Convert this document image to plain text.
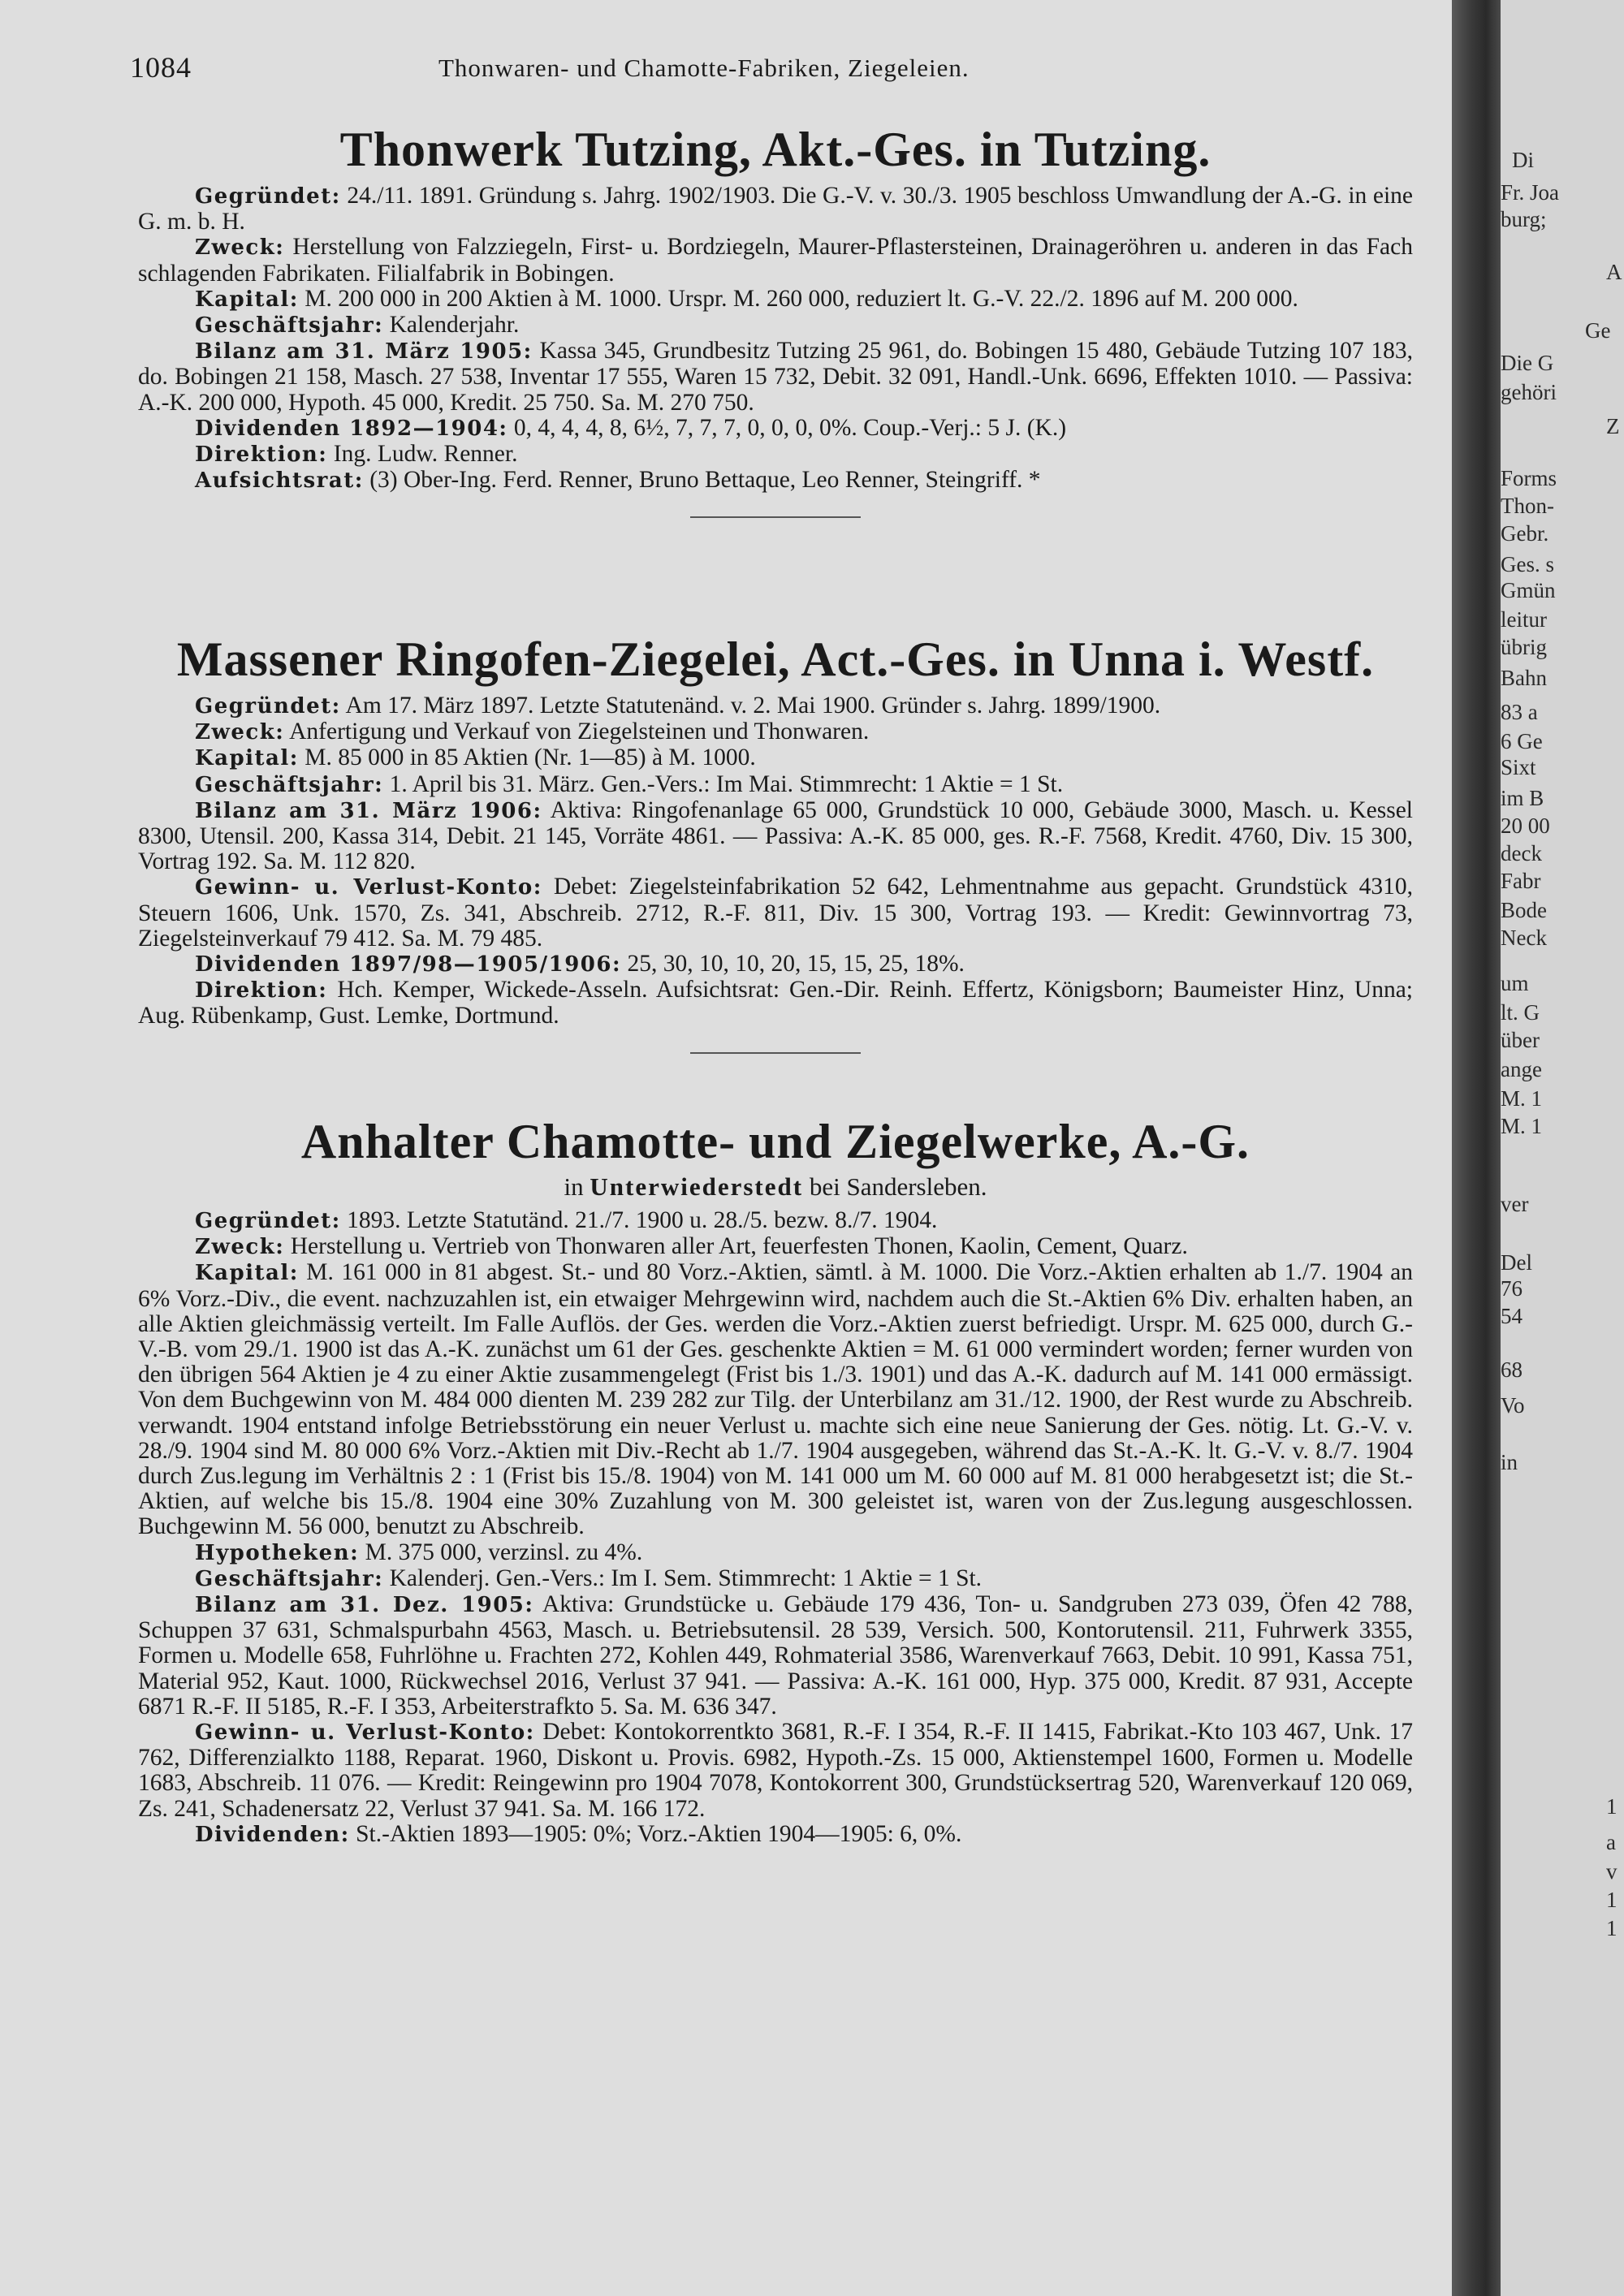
1084	Thonwaren- und Chamotte-Fabriken, Ziegeleien.
Thonwerk Tutzing, Akt.-Ges. in Tutzing.

Gegründet: 24./11. 1891. Gründung s. Jahrg. 1902/1903. Die G.-V. v. 30./3. 1905 beschloss Umwandlung der A.-G. in eine G. m. b. H.

Zweck: Herstellung von Falzziegeln, First- u. Bordziegeln, Maurer-Pflastersteinen, Drainageröhren u. anderen in das Fach schlagenden Fabrikaten. Filialfabrik in Bobingen.

Kapital: M. 200 000 in 200 Aktien à M. 1000. Urspr. M. 260 000, reduziert lt. G.-V. 22./2. 1896 auf M. 200 000.

Geschäftsjahr: Kalenderjahr.

Bilanz am 31. März 1905: Kassa 345, Grundbesitz Tutzing 25 961, do. Bobingen 15 480, Gebäude Tutzing 107 183, do. Bobingen 21 158, Masch. 27 538, Inventar 17 555, Waren 15 732, Debit. 32 091, Handl.-Unk. 6696, Effekten 1010. — Passiva: A.-K. 200 000, Hypoth. 45 000, Kredit. 25 750. Sa. M. 270 750.

Dividenden 1892—1904: 0, 4, 4, 4, 8, 6½, 7, 7, 7, 0, 0, 0, 0%. Coup.-Verj.: 5 J. (K.)

Direktion: Ing. Ludw. Renner.

Aufsichtsrat: (3) Ober-Ing. Ferd. Renner, Bruno Bettaque, Leo Renner, Steingriff. *

Massener Ringofen-Ziegelei, Act.-Ges. in Unna i. Westf.

Gegründet: Am 17. März 1897. Letzte Statutenänd. v. 2. Mai 1900. Gründer s. Jahrg. 1899/1900.

Zweck: Anfertigung und Verkauf von Ziegelsteinen und Thonwaren.

Kapital: M. 85 000 in 85 Aktien (Nr. 1—85) à M. 1000.

Geschäftsjahr: 1. April bis 31. März. Gen.-Vers.: Im Mai. Stimmrecht: 1 Aktie = 1 St.

Bilanz am 31. März 1906: Aktiva: Ringofenanlage 65 000, Grundstück 10 000, Gebäude 3000, Masch. u. Kessel 8300, Utensil. 200, Kassa 314, Debit. 21 145, Vorräte 4861. — Passiva: A.-K. 85 000, ges. R.-F. 7568, Kredit. 4760, Div. 15 300, Vortrag 192. Sa. M. 112 820.

Gewinn- u. Verlust-Konto: Debet: Ziegelsteinfabrikation 52 642, Lehmentnahme aus gepacht. Grundstück 4310, Steuern 1606, Unk. 1570, Zs. 341, Abschreib. 2712, R.-F. 811, Div. 15 300, Vortrag 193. — Kredit: Gewinnvortrag 73, Ziegelsteinverkauf 79 412. Sa. M. 79 485.

Dividenden 1897/98—1905/1906: 25, 30, 10, 10, 20, 15, 15, 25, 18%.

Direktion: Hch. Kemper, Wickede-Asseln. Aufsichtsrat: Gen.-Dir. Reinh. Effertz, Königsborn; Baumeister Hinz, Unna; Aug. Rübenkamp, Gust. Lemke, Dortmund.

Anhalter Chamotte- und Ziegelwerke, A.-G.
in Unterwiederstedt bei Sandersleben.

Gegründet: 1893. Letzte Statutänd. 21./7. 1900 u. 28./5. bezw. 8./7. 1904.

Zweck: Herstellung u. Vertrieb von Thonwaren aller Art, feuerfesten Thonen, Kaolin, Cement, Quarz.

Kapital: M. 161 000 in 81 abgest. St.- und 80 Vorz.-Aktien, sämtl. à M. 1000. Die Vorz.-Aktien erhalten ab 1./7. 1904 an 6% Vorz.-Div., die event. nachzuzahlen ist, ein etwaiger Mehrgewinn wird, nachdem auch die St.-Aktien 6% Div. erhalten haben, an alle Aktien gleichmässig verteilt. Im Falle Auflös. der Ges. werden die Vorz.-Aktien zuerst befriedigt. Urspr. M. 625 000, durch G.-V.-B. vom 29./1. 1900 ist das A.-K. zunächst um 61 der Ges. geschenkte Aktien = M. 61 000 vermindert worden; ferner wurden von den übrigen 564 Aktien je 4 zu einer Aktie zusammengelegt (Frist bis 1./3. 1901) und das A.-K. dadurch auf M. 141 000 ermässigt. Von dem Buchgewinn von M. 484 000 dienten M. 239 282 zur Tilg. der Unterbilanz am 31./12. 1900, der Rest wurde zu Abschreib. verwandt. 1904 entstand infolge Betriebsstörung ein neuer Verlust u. machte sich eine neue Sanierung der Ges. nötig. Lt. G.-V. v. 28./9. 1904 sind M. 80 000 6% Vorz.-Aktien mit Div.-Recht ab 1./7. 1904 ausgegeben, während das St.-A.-K. lt. G.-V. v. 8./7. 1904 durch Zus.legung im Verhältnis 2 : 1 (Frist bis 15./8. 1904) von M. 141 000 um M. 60 000 auf M. 81 000 herabgesetzt ist; die St.-Aktien, auf welche bis 15./8. 1904 eine 30% Zuzahlung von M. 300 geleistet ist, waren von der Zus.legung ausgeschlossen. Buchgewinn M. 56 000, benutzt zu Abschreib.

Hypotheken: M. 375 000, verzinsl. zu 4%.

Geschäftsjahr: Kalenderj. Gen.-Vers.: Im I. Sem. Stimmrecht: 1 Aktie = 1 St.

Bilanz am 31. Dez. 1905: Aktiva: Grundstücke u. Gebäude 179 436, Ton- u. Sandgruben 273 039, Öfen 42 788, Schuppen 37 631, Schmalspurbahn 4563, Masch. u. Betriebsutensil. 28 539, Versich. 500, Kontorutensil. 211, Fuhrwerk 3355, Formen u. Modelle 658, Fuhrlöhne u. Frachten 272, Kohlen 449, Rohmaterial 3586, Warenverkauf 7663, Debit. 10 991, Kassa 751, Material 952, Kaut. 1000, Rückwechsel 2016, Verlust 37 941. — Passiva: A.-K. 161 000, Hyp. 375 000, Kredit. 87 931, Accepte 6871 R.-F. II 5185, R.-F. I 353, Arbeiterstrafkto 5. Sa. M. 636 347.

Gewinn- u. Verlust-Konto: Debet: Kontokorrentkto 3681, R.-F. I 354, R.-F. II 1415, Fabrikat.-Kto 103 467, Unk. 17 762, Differenzialkto 1188, Reparat. 1960, Diskont u. Provis. 6982, Hypoth.-Zs. 15 000, Aktienstempel 1600, Formen u. Modelle 1683, Abschreib. 11 076. — Kredit: Reingewinn pro 1904 7078, Kontokorrent 300, Grundstücksertrag 520, Warenverkauf 120 069, Zs. 241, Schadenersatz 22, Verlust 37 941. Sa. M. 166 172.

Dividenden: St.-Aktien 1893—1905: 0%; Vorz.-Aktien 1904—1905: 6, 0%.

Di
Fr. Joa
burg;
A
Ge
Die G
gehöri
Z
Forms
Thon-
Gebr.
Ges. s
Gmün
leitur
übrig
Bahn
83 a
6 Ge
Sixt
im B
20 00
deck
Fabr
Bode
Neck
um
lt. G
über
ange
M. 1
M. 1
ver
Del
76
54
68
Vo
in
1
a
v
1
1
